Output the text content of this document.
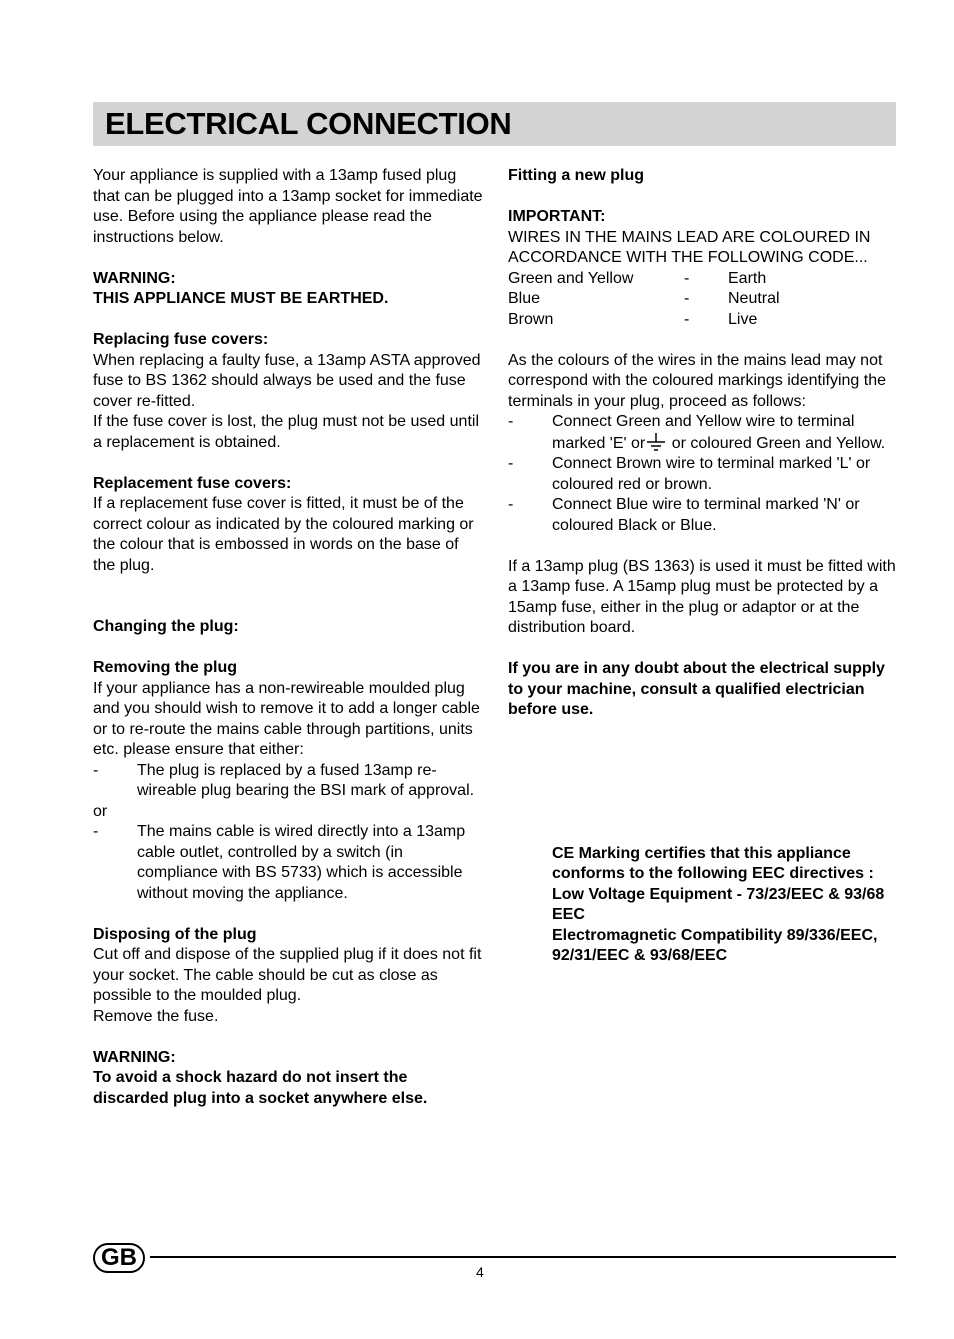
ELECTRICAL CONNECTION

Your appliance is supplied with a 13amp fused plug that can be plugged into a 13amp socket for immediate use. Before using the appliance please read the instructions below.

WARNING:

THIS APPLIANCE MUST BE EARTHED.

Replacing fuse covers:

When replacing a faulty fuse, a 13amp ASTA approved fuse to BS 1362 should always be used and the fuse cover re-fitted.

If the fuse cover is lost, the plug must not be used until a replacement is obtained.

Replacement fuse covers:

If a replacement fuse cover is fitted, it must be of the correct colour as indicated by the coloured marking or the colour that is embossed in words on the base of the plug.

Changing the plug:

Removing the plug

If your appliance has a non-rewireable moulded plug and you should wish to remove it to add a longer cable or to re-route the mains cable through partitions, units etc. please ensure that either:

-	The plug is replaced by a fused 13amp re-wireable plug bearing the BSI mark of approval.

or

-	The mains cable is wired directly into a 13amp cable outlet, controlled by a switch (in compliance with BS 5733) which is accessible without moving the appliance.

Disposing of the plug

Cut off and dispose of the supplied plug if it does not fit your socket. The cable should be cut as close as possible to the moulded plug.

Remove the fuse.

WARNING:

To avoid a shock hazard do not insert the discarded plug into a socket anywhere else.

Fitting a new plug

IMPORTANT:

WIRES IN THE MAINS LEAD ARE COLOURED IN ACCORDANCE WITH THE FOLLOWING CODE...

Green and Yellow	-	Earth
Blue	-	Neutral
Brown	-	Live

As the colours of the wires in the mains lead may not correspond with the coloured markings identifying the terminals in your plug, proceed as follows:

-	Connect Green and Yellow wire to terminal marked 'E' or or coloured Green and Yellow.
-	Connect Brown wire to terminal marked 'L' or coloured red or brown.
-	Connect Blue wire to terminal marked 'N' or coloured Black or Blue.

If a 13amp plug (BS 1363) is used it must be fitted with a 13amp fuse. A 15amp plug must be protected by a 15amp fuse, either in the plug or adaptor or at the distribution board.

If you are in any doubt about the electrical supply to your machine, consult a qualified electrician before use.

CE Marking certifies that this appliance conforms to the following EEC directives :

Low Voltage Equipment - 73/23/EEC & 93/68 EEC

Electromagnetic Compatibility 89/336/EEC, 92/31/EEC & 93/68/EEC

GB
4
